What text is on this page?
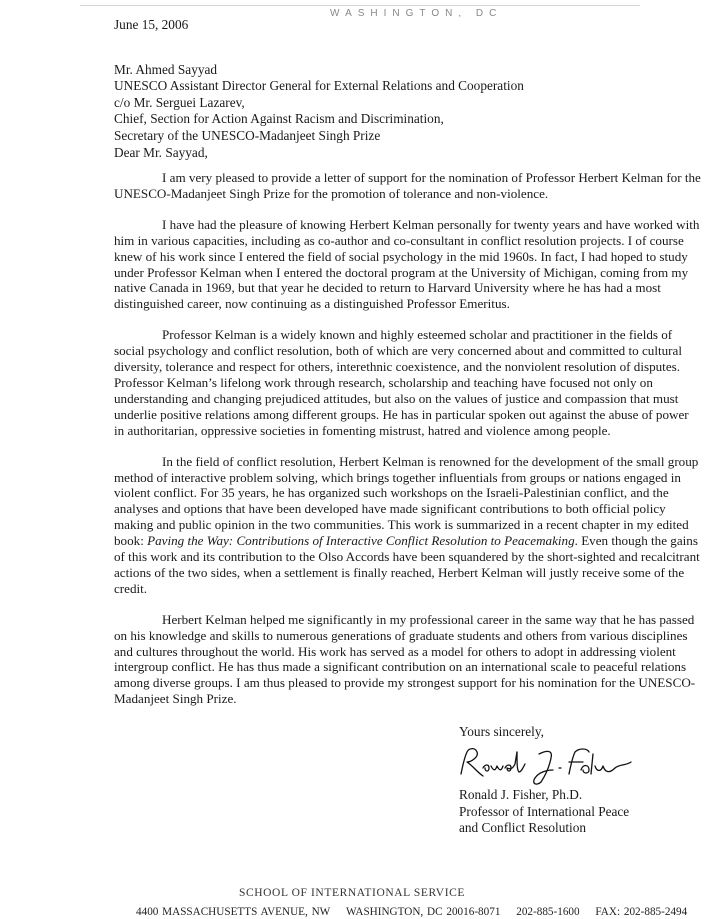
WASHINGTON, DC
June 15, 2006
Mr. Ahmed Sayyad
UNESCO Assistant Director General for External Relations and Cooperation
c/o Mr. Serguei Lazarev,
Chief, Section for Action Against Racism and Discrimination,
Secretary of the UNESCO-Madanjeet Singh Prize
Dear Mr. Sayyad,

I am very pleased to provide a letter of support for the nomination of Professor Herbert Kelman for the UNESCO-Madanjeet Singh Prize for the promotion of tolerance and non-violence.

I have had the pleasure of knowing Herbert Kelman personally for twenty years and have worked with him in various capacities, including as co-author and co-consultant in conflict resolution projects. I of course knew of his work since I entered the field of social psychology in the mid 1960s. In fact, I had hoped to study under Professor Kelman when I entered the doctoral program at the University of Michigan, coming from my native Canada in 1969, but that year he decided to return to Harvard University where he has had a most distinguished career, now continuing as a distinguished Professor Emeritus.

Professor Kelman is a widely known and highly esteemed scholar and practitioner in the fields of social psychology and conflict resolution, both of which are very concerned about and committed to cultural diversity, tolerance and respect for others, interethnic coexistence, and the nonviolent resolution of disputes. Professor Kelman’s lifelong work through research, scholarship and teaching have focused not only on understanding and changing prejudiced attitudes, but also on the values of justice and compassion that must underlie positive relations among different groups. He has in particular spoken out against the abuse of power in authoritarian, oppressive societies in fomenting mistrust, hatred and violence among people.

In the field of conflict resolution, Herbert Kelman is renowned for the development of the small group method of interactive problem solving, which brings together influentials from groups or nations engaged in violent conflict. For 35 years, he has organized such workshops on the Israeli-Palestinian conflict, and the analyses and options that have been developed have made significant contributions to both official policy making and public opinion in the two communities. This work is summarized in a recent chapter in my edited book: Paving the Way: Contributions of Interactive Conflict Resolution to Peacemaking. Even though the gains of this work and its contribution to the Olso Accords have been squandered by the short-sighted and recalcitrant actions of the two sides, when a settlement is finally reached, Herbert Kelman will justly receive some of the credit.

Herbert Kelman helped me significantly in my professional career in the same way that he has passed on his knowledge and skills to numerous generations of graduate students and others from various disciplines and cultures throughout the world. His work has served as a model for others to adopt in addressing violent intergroup conflict. He has thus made a significant contribution on an international scale to peaceful relations among diverse groups. I am thus pleased to provide my strongest support for his nomination for the UNESCO-Madanjeet Singh Prize.

Yours sincerely,
Ronald J. Fisher, Ph.D.
Professor of International Peace
and Conflict Resolution
SCHOOL OF INTERNATIONAL SERVICE
4400 MASSACHUSETTS AVENUE, NW WASHINGTON, DC 20016-8071 202-885-1600 FAX: 202-885-2494
